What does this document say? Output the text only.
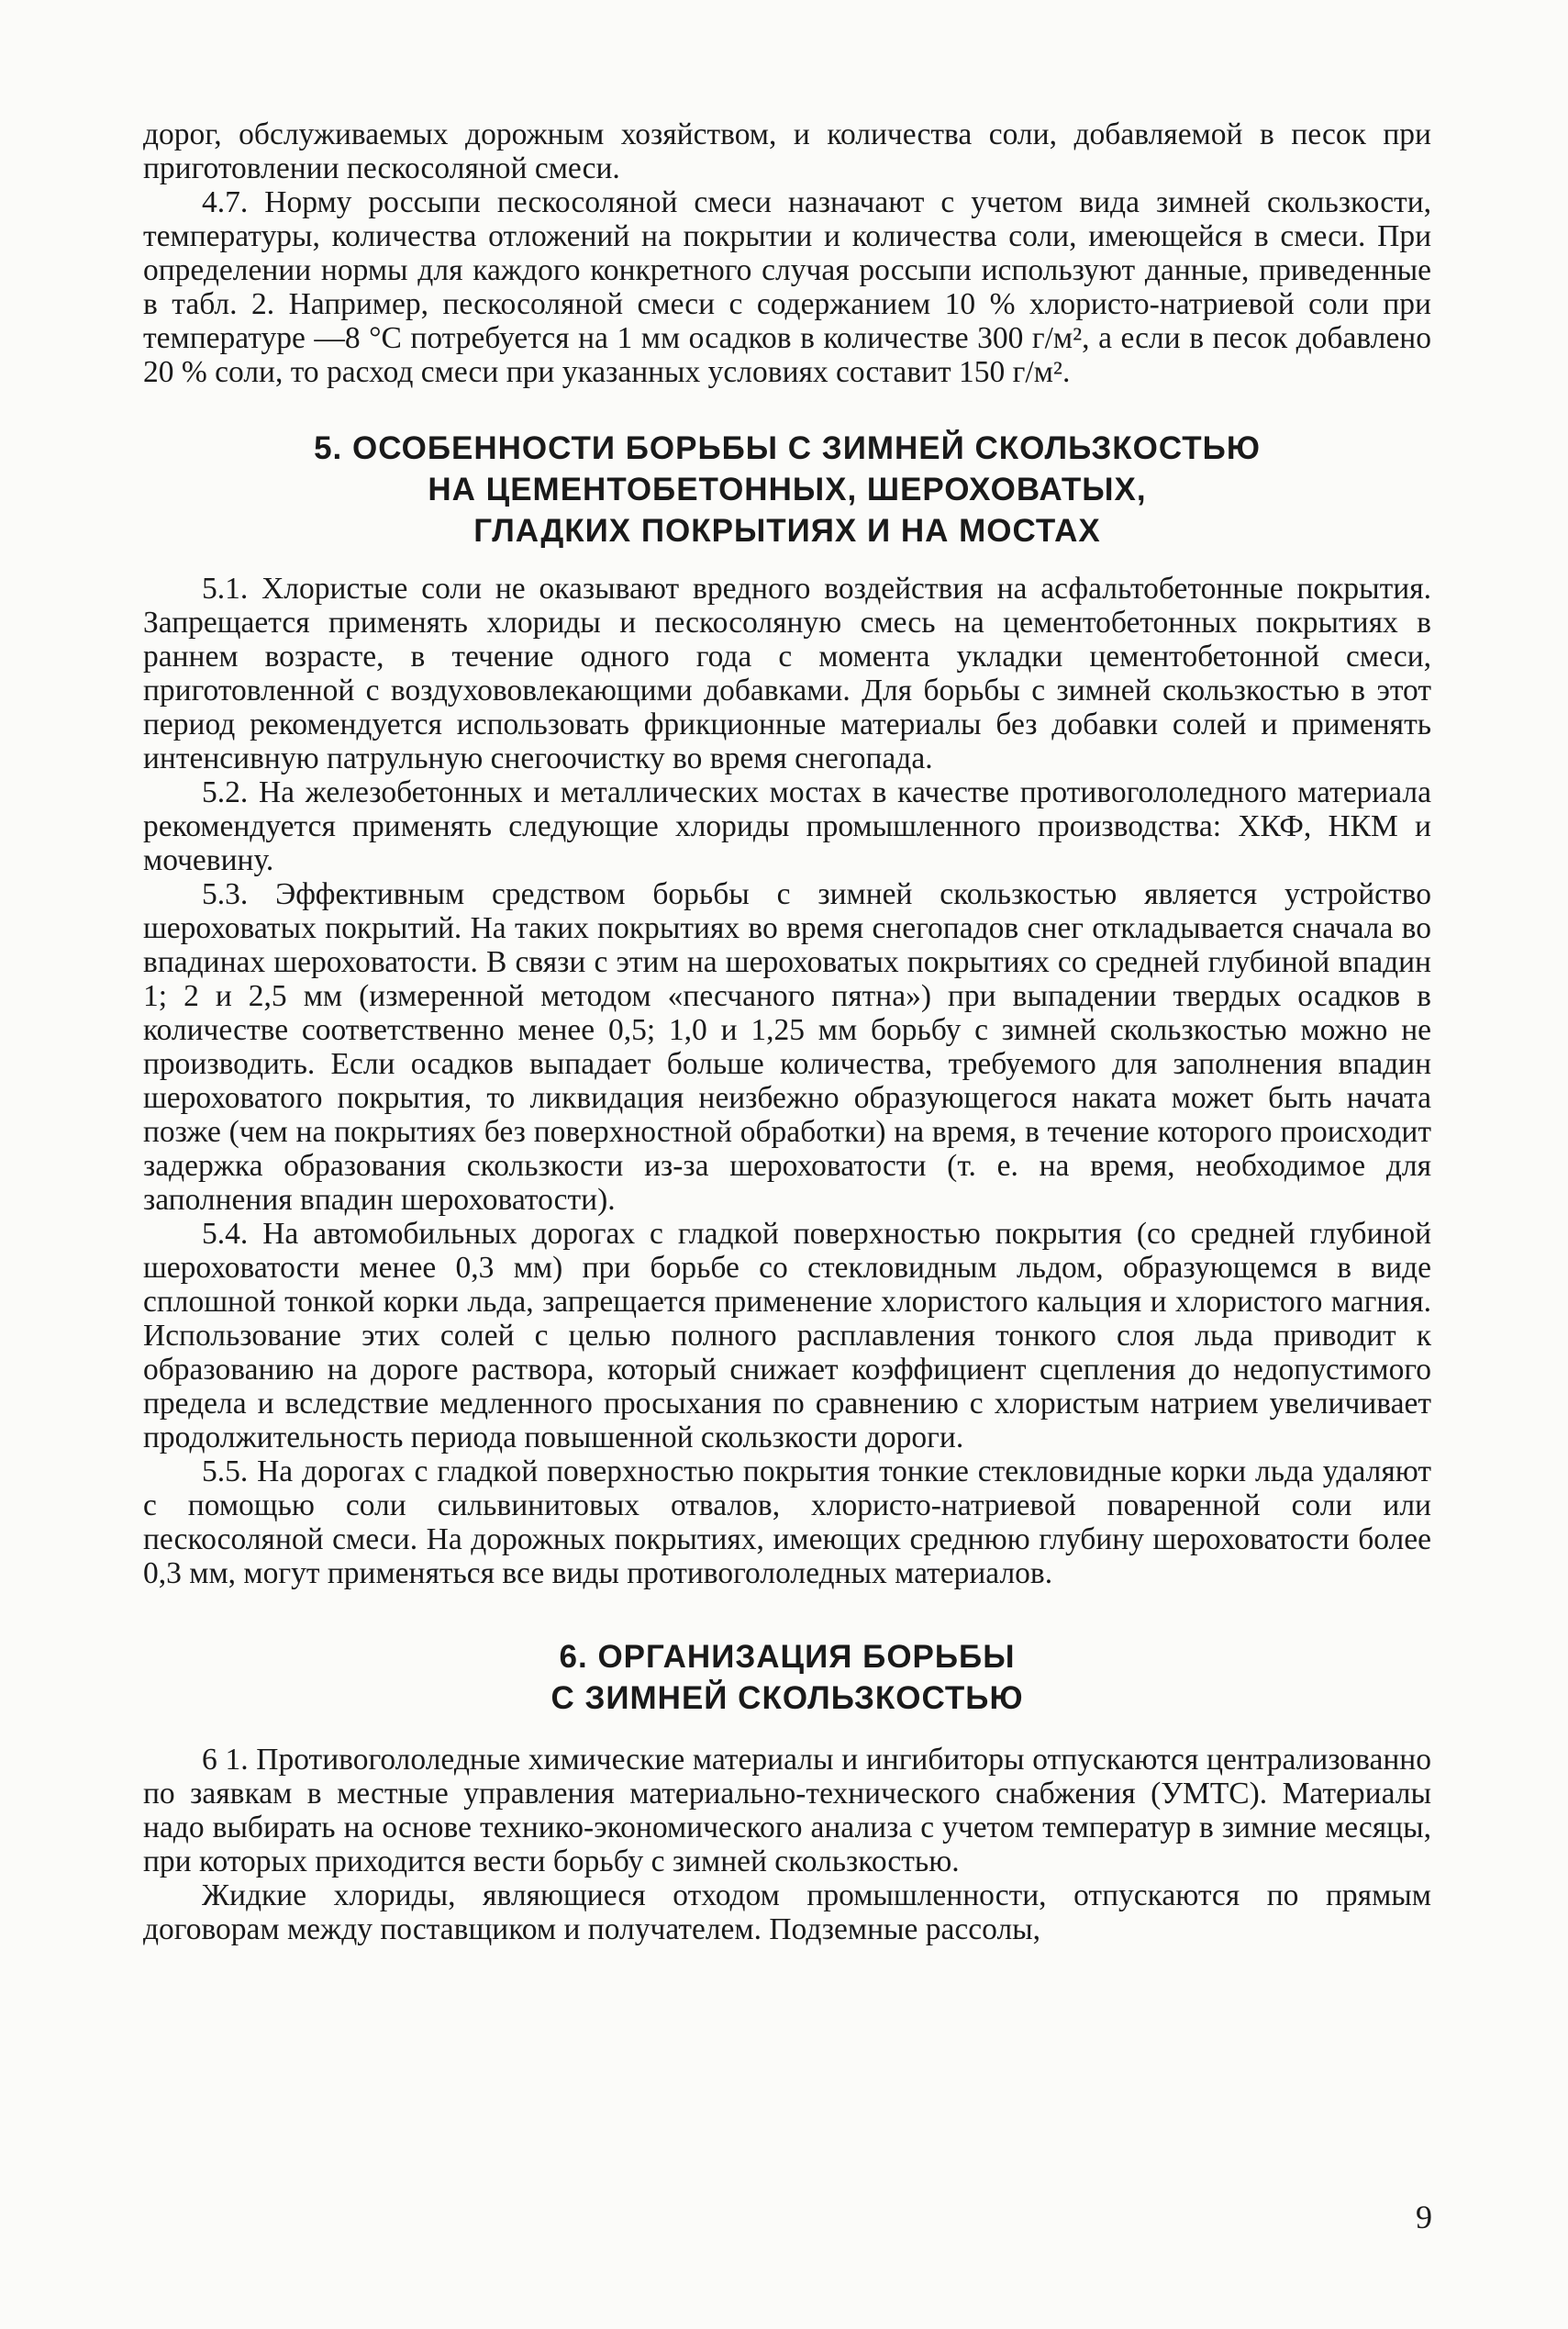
дорог, обслуживаемых дорожным хозяйством, и количества соли, добавляемой в песок при приготовлении пескосоляной смеси.

4.7. Норму россыпи пескосоляной смеси назначают с учетом вида зимней скользкости, температуры, количества отложений на покрытии и количества соли, имеющейся в смеси. При определении нормы для каждого конкретного случая россыпи используют данные, приведенные в табл. 2. Например, пескосоляной смеси с содержанием 10 % хлористо-натриевой соли при температуре —8 °С потребуется на 1 мм осадков в количестве 300 г/м², а если в песок добавлено 20 % соли, то расход смеси при указанных условиях составит 150 г/м².

5. ОСОБЕННОСТИ БОРЬБЫ С ЗИМНЕЙ СКОЛЬЗКОСТЬЮ
НА ЦЕМЕНТОБЕТОННЫХ, ШЕРОХОВАТЫХ,
ГЛАДКИХ ПОКРЫТИЯХ И НА МОСТАХ

5.1. Хлористые соли не оказывают вредного воздействия на асфальтобетонные покрытия. Запрещается применять хлориды и пескосоляную смесь на цементобетонных покрытиях в раннем возрасте, в течение одного года с момента укладки цементобетонной смеси, приготовленной с воздухововлекающими добавками. Для борьбы с зимней скользкостью в этот период рекомендуется использовать фрикционные материалы без добавки солей и применять интенсивную патрульную снегоочистку во время снегопада.

5.2. На железобетонных и металлических мостах в качестве противогололедного материала рекомендуется применять следующие хлориды промышленного производства: ХКФ, НКМ и мочевину.

5.3. Эффективным средством борьбы с зимней скользкостью является устройство шероховатых покрытий. На таких покрытиях во время снегопадов снег откладывается сначала во впадинах шероховатости. В связи с этим на шероховатых покрытиях со средней глубиной впадин 1; 2 и 2,5 мм (измеренной методом «песчаного пятна») при выпадении твердых осадков в количестве соответственно менее 0,5; 1,0 и 1,25 мм борьбу с зимней скользкостью можно не производить. Если осадков выпадает больше количества, требуемого для заполнения впадин шероховатого покрытия, то ликвидация неизбежно образующегося наката может быть начата позже (чем на покрытиях без поверхностной обработки) на время, в течение которого происходит задержка образования скользкости из-за шероховатости (т. е. на время, необходимое для заполнения впадин шероховатости).

5.4. На автомобильных дорогах с гладкой поверхностью покрытия (со средней глубиной шероховатости менее 0,3 мм) при борьбе со стекловидным льдом, образующемся в виде сплошной тонкой корки льда, запрещается применение хлористого кальция и хлористого магния. Использование этих солей с целью полного расплавления тонкого слоя льда приводит к образованию на дороге раствора, который снижает коэффициент сцепления до недопустимого предела и вследствие медленного просыхания по сравнению с хлористым натрием увеличивает продолжительность периода повышенной скользкости дороги.

5.5. На дорогах с гладкой поверхностью покрытия тонкие стекловидные корки льда удаляют с помощью соли сильвинитовых отвалов, хлористо-натриевой поваренной соли или пескосоляной смеси. На дорожных покрытиях, имеющих среднюю глубину шероховатости более 0,3 мм, могут применяться все виды противогололедных материалов.

6. ОРГАНИЗАЦИЯ БОРЬБЫ
С ЗИМНЕЙ СКОЛЬЗКОСТЬЮ

6 1. Противогололедные химические материалы и ингибиторы отпускаются централизованно по заявкам в местные управления материально-технического снабжения (УМТС). Материалы надо выбирать на основе технико-экономического анализа с учетом температур в зимние месяцы, при которых приходится вести борьбу с зимней скользкостью.

Жидкие хлориды, являющиеся отходом промышленности, отпускаются по прямым договорам между поставщиком и получателем. Подземные рассолы,

9
